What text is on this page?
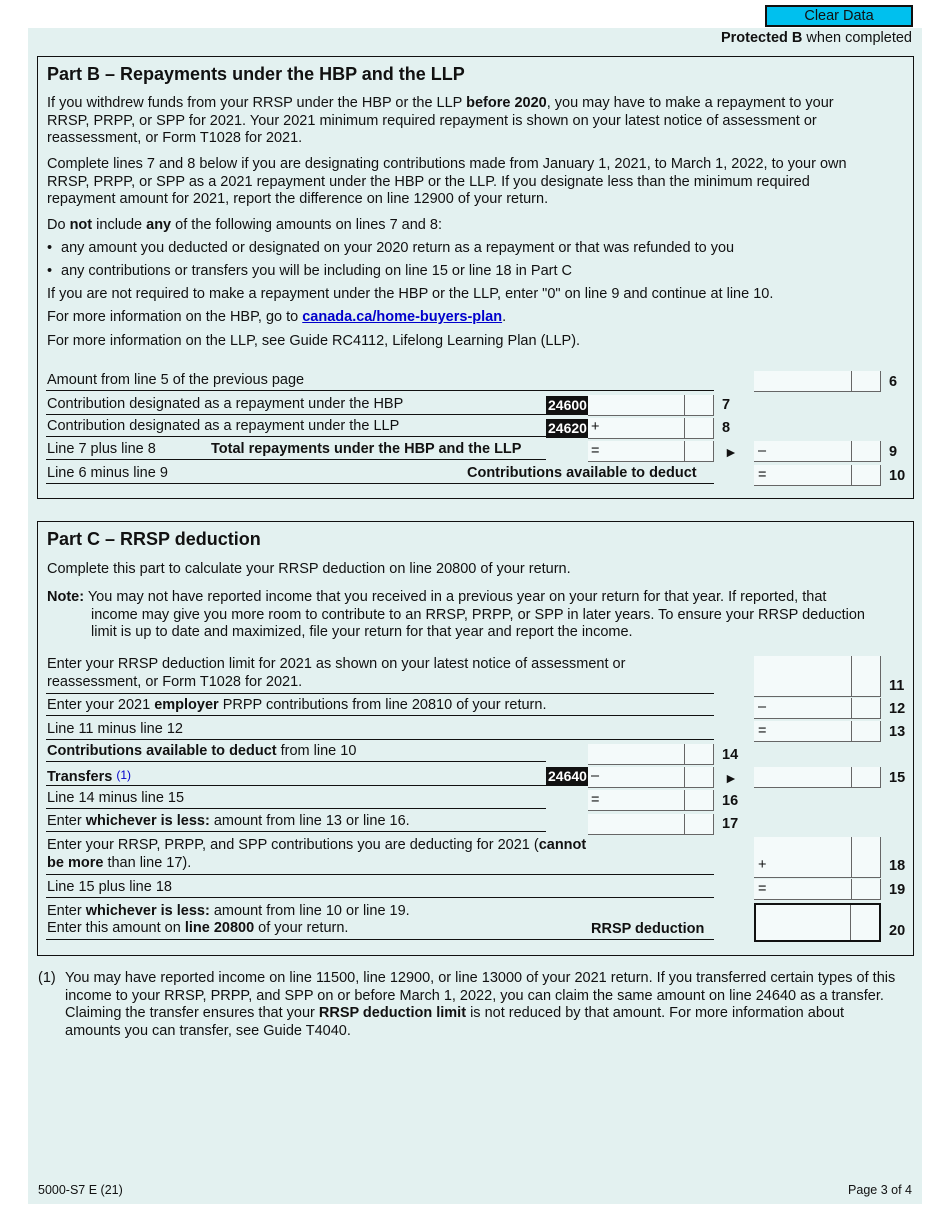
Clear Data
Protected B when completed
Part B – Repayments under the HBP and the LLP
If you withdrew funds from your RRSP under the HBP or the LLP before 2020, you may have to make a repayment to your RRSP, PRPP, or SPP for 2021. Your 2021 minimum required repayment is shown on your latest notice of assessment or reassessment, or Form T1028 for 2021.
Complete lines 7 and 8 below if you are designating contributions made from January 1, 2021, to March 1, 2022, to your own RRSP, PRPP, or SPP as a 2021 repayment under the HBP or the LLP. If you designate less than the minimum required repayment amount for 2021, report the difference on line 12900 of your return.
Do not include any of the following amounts on lines 7 and 8:
• any amount you deducted or designated on your 2020 return as a repayment or that was refunded to you
• any contributions or transfers you will be including on line 15 or line 18 in Part C
If you are not required to make a repayment under the HBP or the LLP, enter "0" on line 9 and continue at line 10.
For more information on the HBP, go to canada.ca/home-buyers-plan.
For more information on the LLP, see Guide RC4112, Lifelong Learning Plan (LLP).
Amount from line 5 of the previous page	6
Contribution designated as a repayment under the HBP	24600	7
Contribution designated as a repayment under the LLP	24620 +	8
Line 7 plus line 8	Total repayments under the HBP and the LLP	=	► –	9
Line 6 minus line 9	Contributions available to deduct	=	10
Part C – RRSP deduction
Complete this part to calculate your RRSP deduction on line 20800 of your return.
Note: You may not have reported income that you received in a previous year on your return for that year. If reported, that income may give you more room to contribute to an RRSP, PRPP, or SPP in later years. To ensure your RRSP deduction limit is up to date and maximized, file your return for that year and report the income.
Enter your RRSP deduction limit for 2021 as shown on your latest notice of assessment or reassessment, or Form T1028 for 2021.	11
Enter your 2021 employer PRPP contributions from line 20810 of your return.	–	12
Line 11 minus line 12	=	13
Contributions available to deduct from line 10	14
Transfers (1)	24640 –	►	15
Line 14 minus line 15	=	16
Enter whichever is less: amount from line 13 or line 16.	17
Enter your RRSP, PRPP, and SPP contributions you are deducting for 2021 (cannot be more than line 17).	+	18
Line 15 plus line 18	=	19
Enter whichever is less: amount from line 10 or line 19.
Enter this amount on line 20800 of your return.	RRSP deduction	20
(1) You may have reported income on line 11500, line 12900, or line 13000 of your 2021 return. If you transferred certain types of this income to your RRSP, PRPP, and SPP on or before March 1, 2022, you can claim the same amount on line 24640 as a transfer. Claiming the transfer ensures that your RRSP deduction limit is not reduced by that amount. For more information about amounts you can transfer, see Guide T4040.
5000-S7 E (21)	Page 3 of 4
